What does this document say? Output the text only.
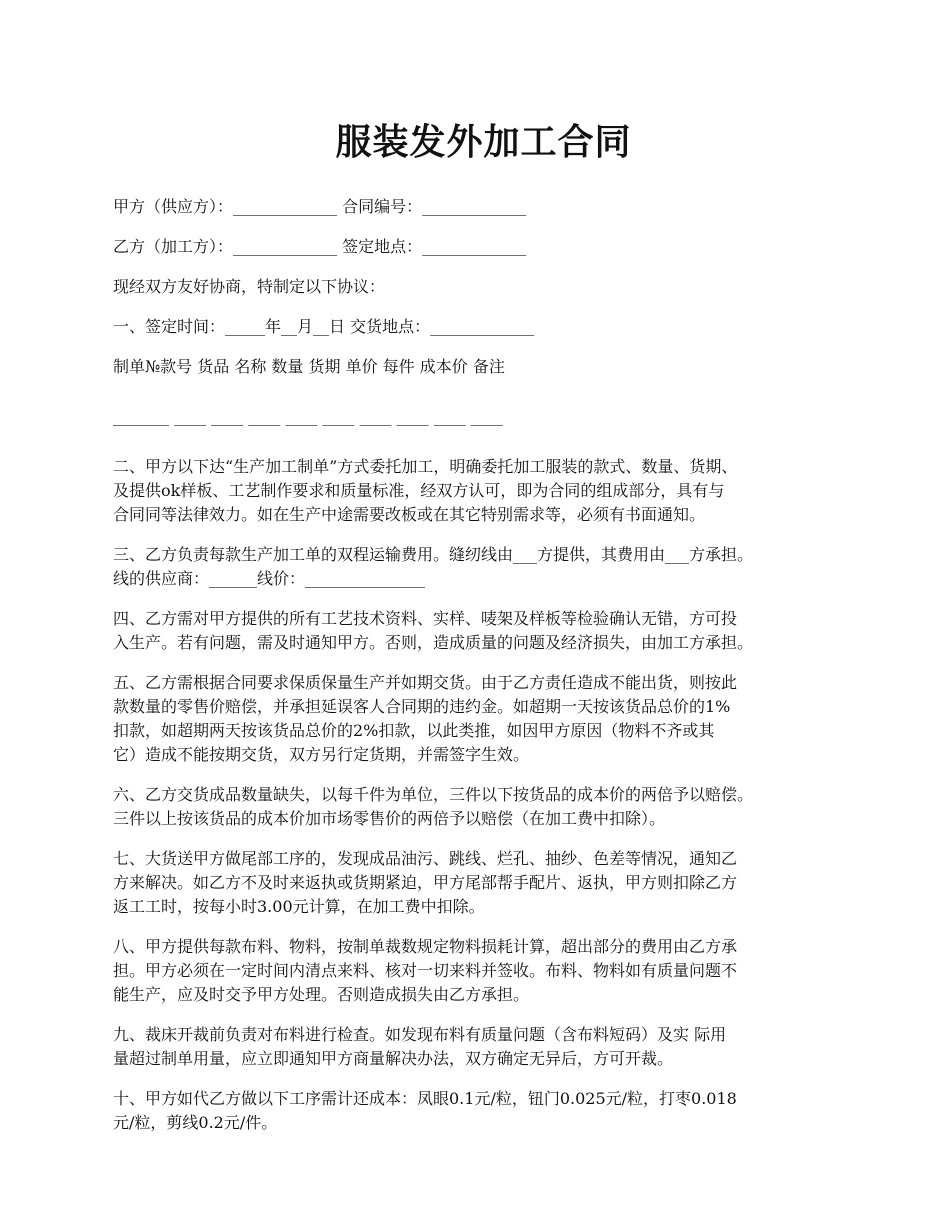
服装发外加工合同
甲方（供应方）：_____________ 合同编号：_____________
乙方（加工方）：_____________ 签定地点：_____________
现经双方友好协商，特制定以下协议：
一、签定时间：_____年__月__日 交货地点：_____________
制单№款号 货品 名称 数量 货期 单价 每件 成本价 备注
_______ ____ ____ ____ ____ ____ ____ ____ ____ ____
二、甲方以下达“生产加工制单”方式委托加工，明确委托加工服装的款式、数量、货期、
及提供ok样板、工艺制作要求和质量标准，经双方认可，即为合同的组成部分，具有与
合同同等法律效力。如在生产中途需要改板或在其它特别需求等，必须有书面通知。
三、乙方负责每款生产加工单的双程运输费用。缝纫线由___方提供，其费用由___方承担。
线的供应商：______线价：_______________
四、乙方需对甲方提供的所有工艺技术资料、实样、唛架及样板等检验确认无错，方可投
入生产。若有问题，需及时通知甲方。否则，造成质量的问题及经济损失，由加工方承担。
五、乙方需根据合同要求保质保量生产并如期交货。由于乙方责任造成不能出货，则按此
款数量的零售价赔偿，并承担延误客人合同期的违约金。如超期一天按该货品总价的1%
扣款，如超期两天按该货品总价的2%扣款，以此类推，如因甲方原因（物料不齐或其
它）造成不能按期交货，双方另行定货期，并需签字生效。
六、乙方交货成品数量缺失，以每千件为单位，三件以下按货品的成本价的两倍予以赔偿。
三件以上按该货品的成本价加市场零售价的两倍予以赔偿（在加工费中扣除）。
七、大货送甲方做尾部工序的，发现成品油污、跳线、烂孔、抽纱、色差等情况，通知乙
方来解决。如乙方不及时来返执或货期紧迫，甲方尾部帮手配片、返执，甲方则扣除乙方
返工工时，按每小时3.00元计算，在加工费中扣除。
八、甲方提供每款布料、物料，按制单裁数规定物料损耗计算，超出部分的费用由乙方承
担。甲方必须在一定时间内清点来料、核对一切来料并签收。布料、物料如有质量问题不
能生产，应及时交予甲方处理。否则造成损失由乙方承担。
九、裁床开裁前负责对布料进行检查。如发现布料有质量问题（含布料短码）及实 际用
量超过制单用量，应立即通知甲方商量解决办法，双方确定无异后，方可开裁。
十、甲方如代乙方做以下工序需计还成本：凤眼0.1元/粒，钮门0.025元/粒，打枣0.018
元/粒，剪线0.2元/件。
